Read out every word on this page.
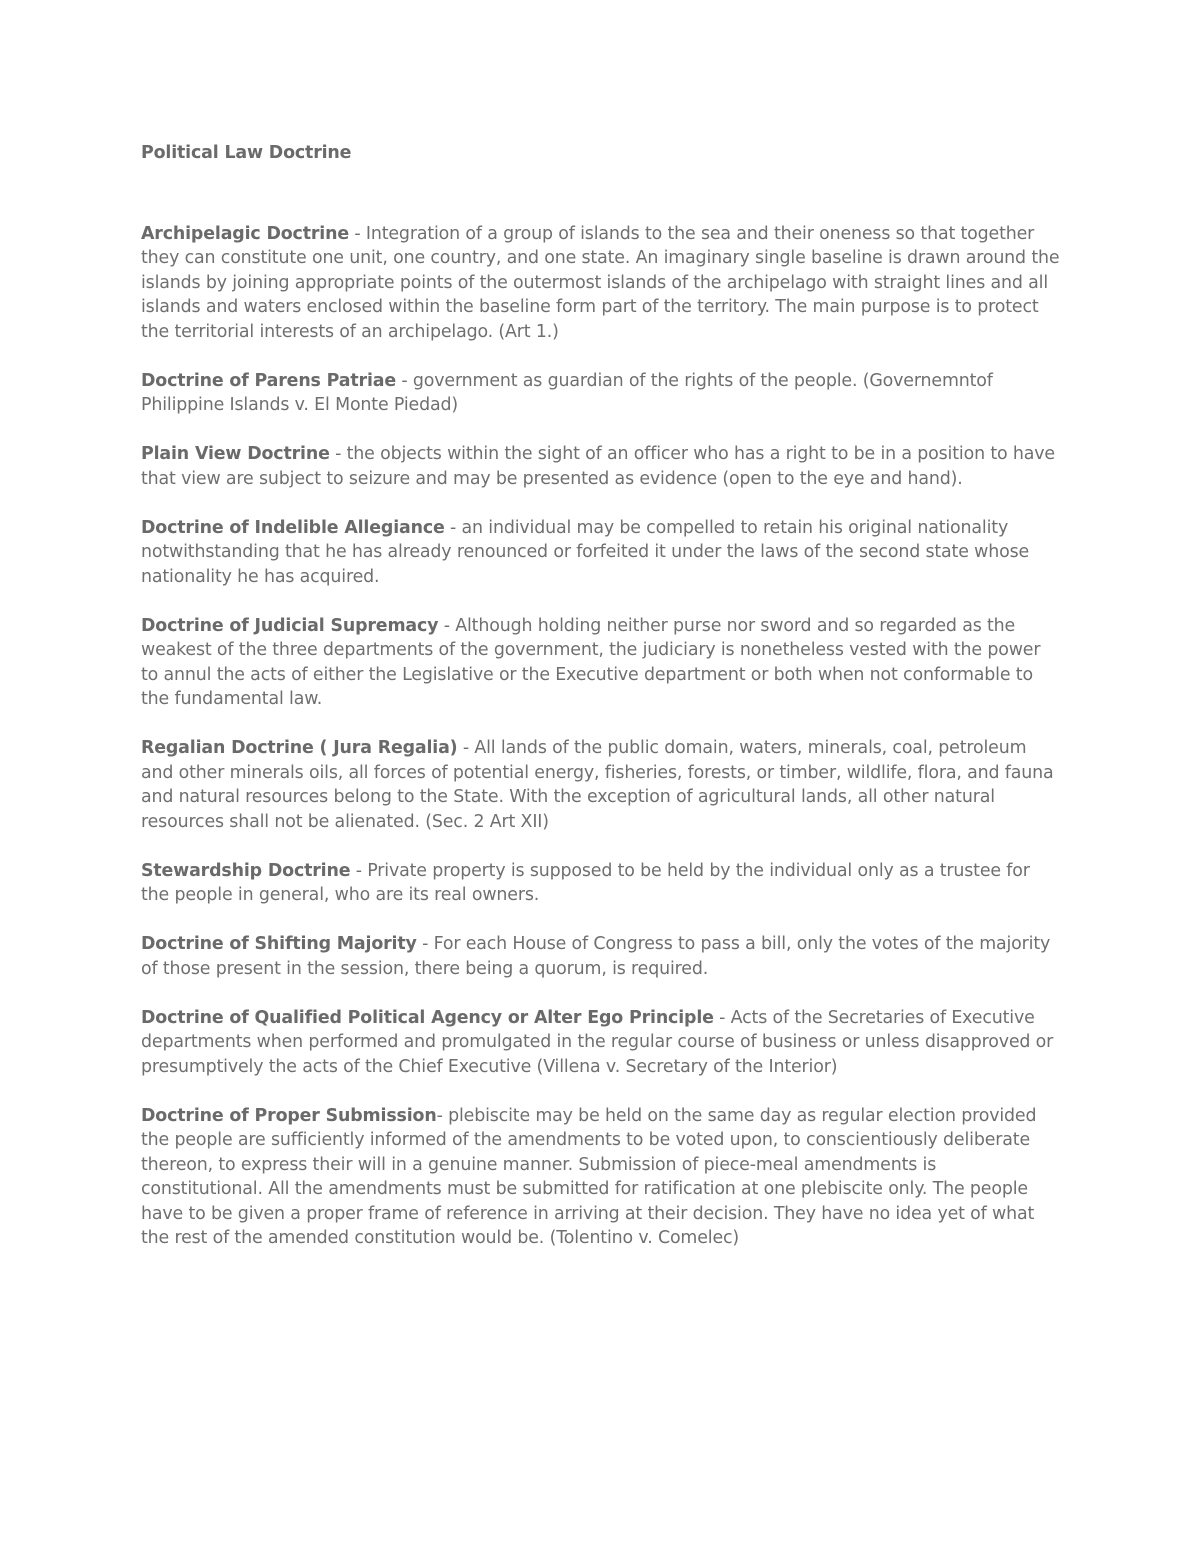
Political Law Doctrine

Archipelagic Doctrine - Integration of a group of islands to the sea and their oneness so that together they can constitute one unit, one country, and one state. An imaginary single baseline is drawn around the islands by joining appropriate points of the outermost islands of the archipelago with straight lines and all islands and waters enclosed within the baseline form part of the territory. The main purpose is to protect the territorial interests of an archipelago. (Art 1.)

Doctrine of Parens Patriae - government as guardian of the rights of the people. (Governemntof Philippine Islands v. El Monte Piedad)

Plain View Doctrine - the objects within the sight of an officer who has a right to be in a position to have that view are subject to seizure and may be presented as evidence (open to the eye and hand).

Doctrine of Indelible Allegiance - an individual may be compelled to retain his original nationality notwithstanding that he has already renounced or forfeited it under the laws of the second state whose nationality he has acquired.

Doctrine of Judicial Supremacy - Although holding neither purse nor sword and so regarded as the weakest of the three departments of the government, the judiciary is nonetheless vested with the power to annul the acts of either the Legislative or the Executive department or both when not conformable to the fundamental law.

Regalian Doctrine ( Jura Regalia) - All lands of the public domain, waters, minerals, coal, petroleum and other minerals oils, all forces of potential energy, fisheries, forests, or timber, wildlife, flora, and fauna and natural resources belong to the State. With the exception of agricultural lands, all other natural resources shall not be alienated. (Sec. 2 Art XII)

Stewardship Doctrine - Private property is supposed to be held by the individual only as a trustee for the people in general, who are its real owners.

Doctrine of Shifting Majority - For each House of Congress to pass a bill, only the votes of the majority of those present in the session, there being a quorum, is required.

Doctrine of Qualified Political Agency or Alter Ego Principle - Acts of the Secretaries of Executive departments when performed and promulgated in the regular course of business or unless disapproved or presumptively the acts of the Chief Executive (Villena v. Secretary of the Interior)

Doctrine of Proper Submission- plebiscite may be held on the same day as regular election provided the people are sufficiently informed of the amendments to be voted upon, to conscientiously deliberate thereon, to express their will in a genuine manner. Submission of piece-meal amendments is constitutional. All the amendments must be submitted for ratification at one plebiscite only. The people have to be given a proper frame of reference in arriving at their decision. They have no idea yet of what the rest of the amended constitution would be. (Tolentino v. Comelec)
